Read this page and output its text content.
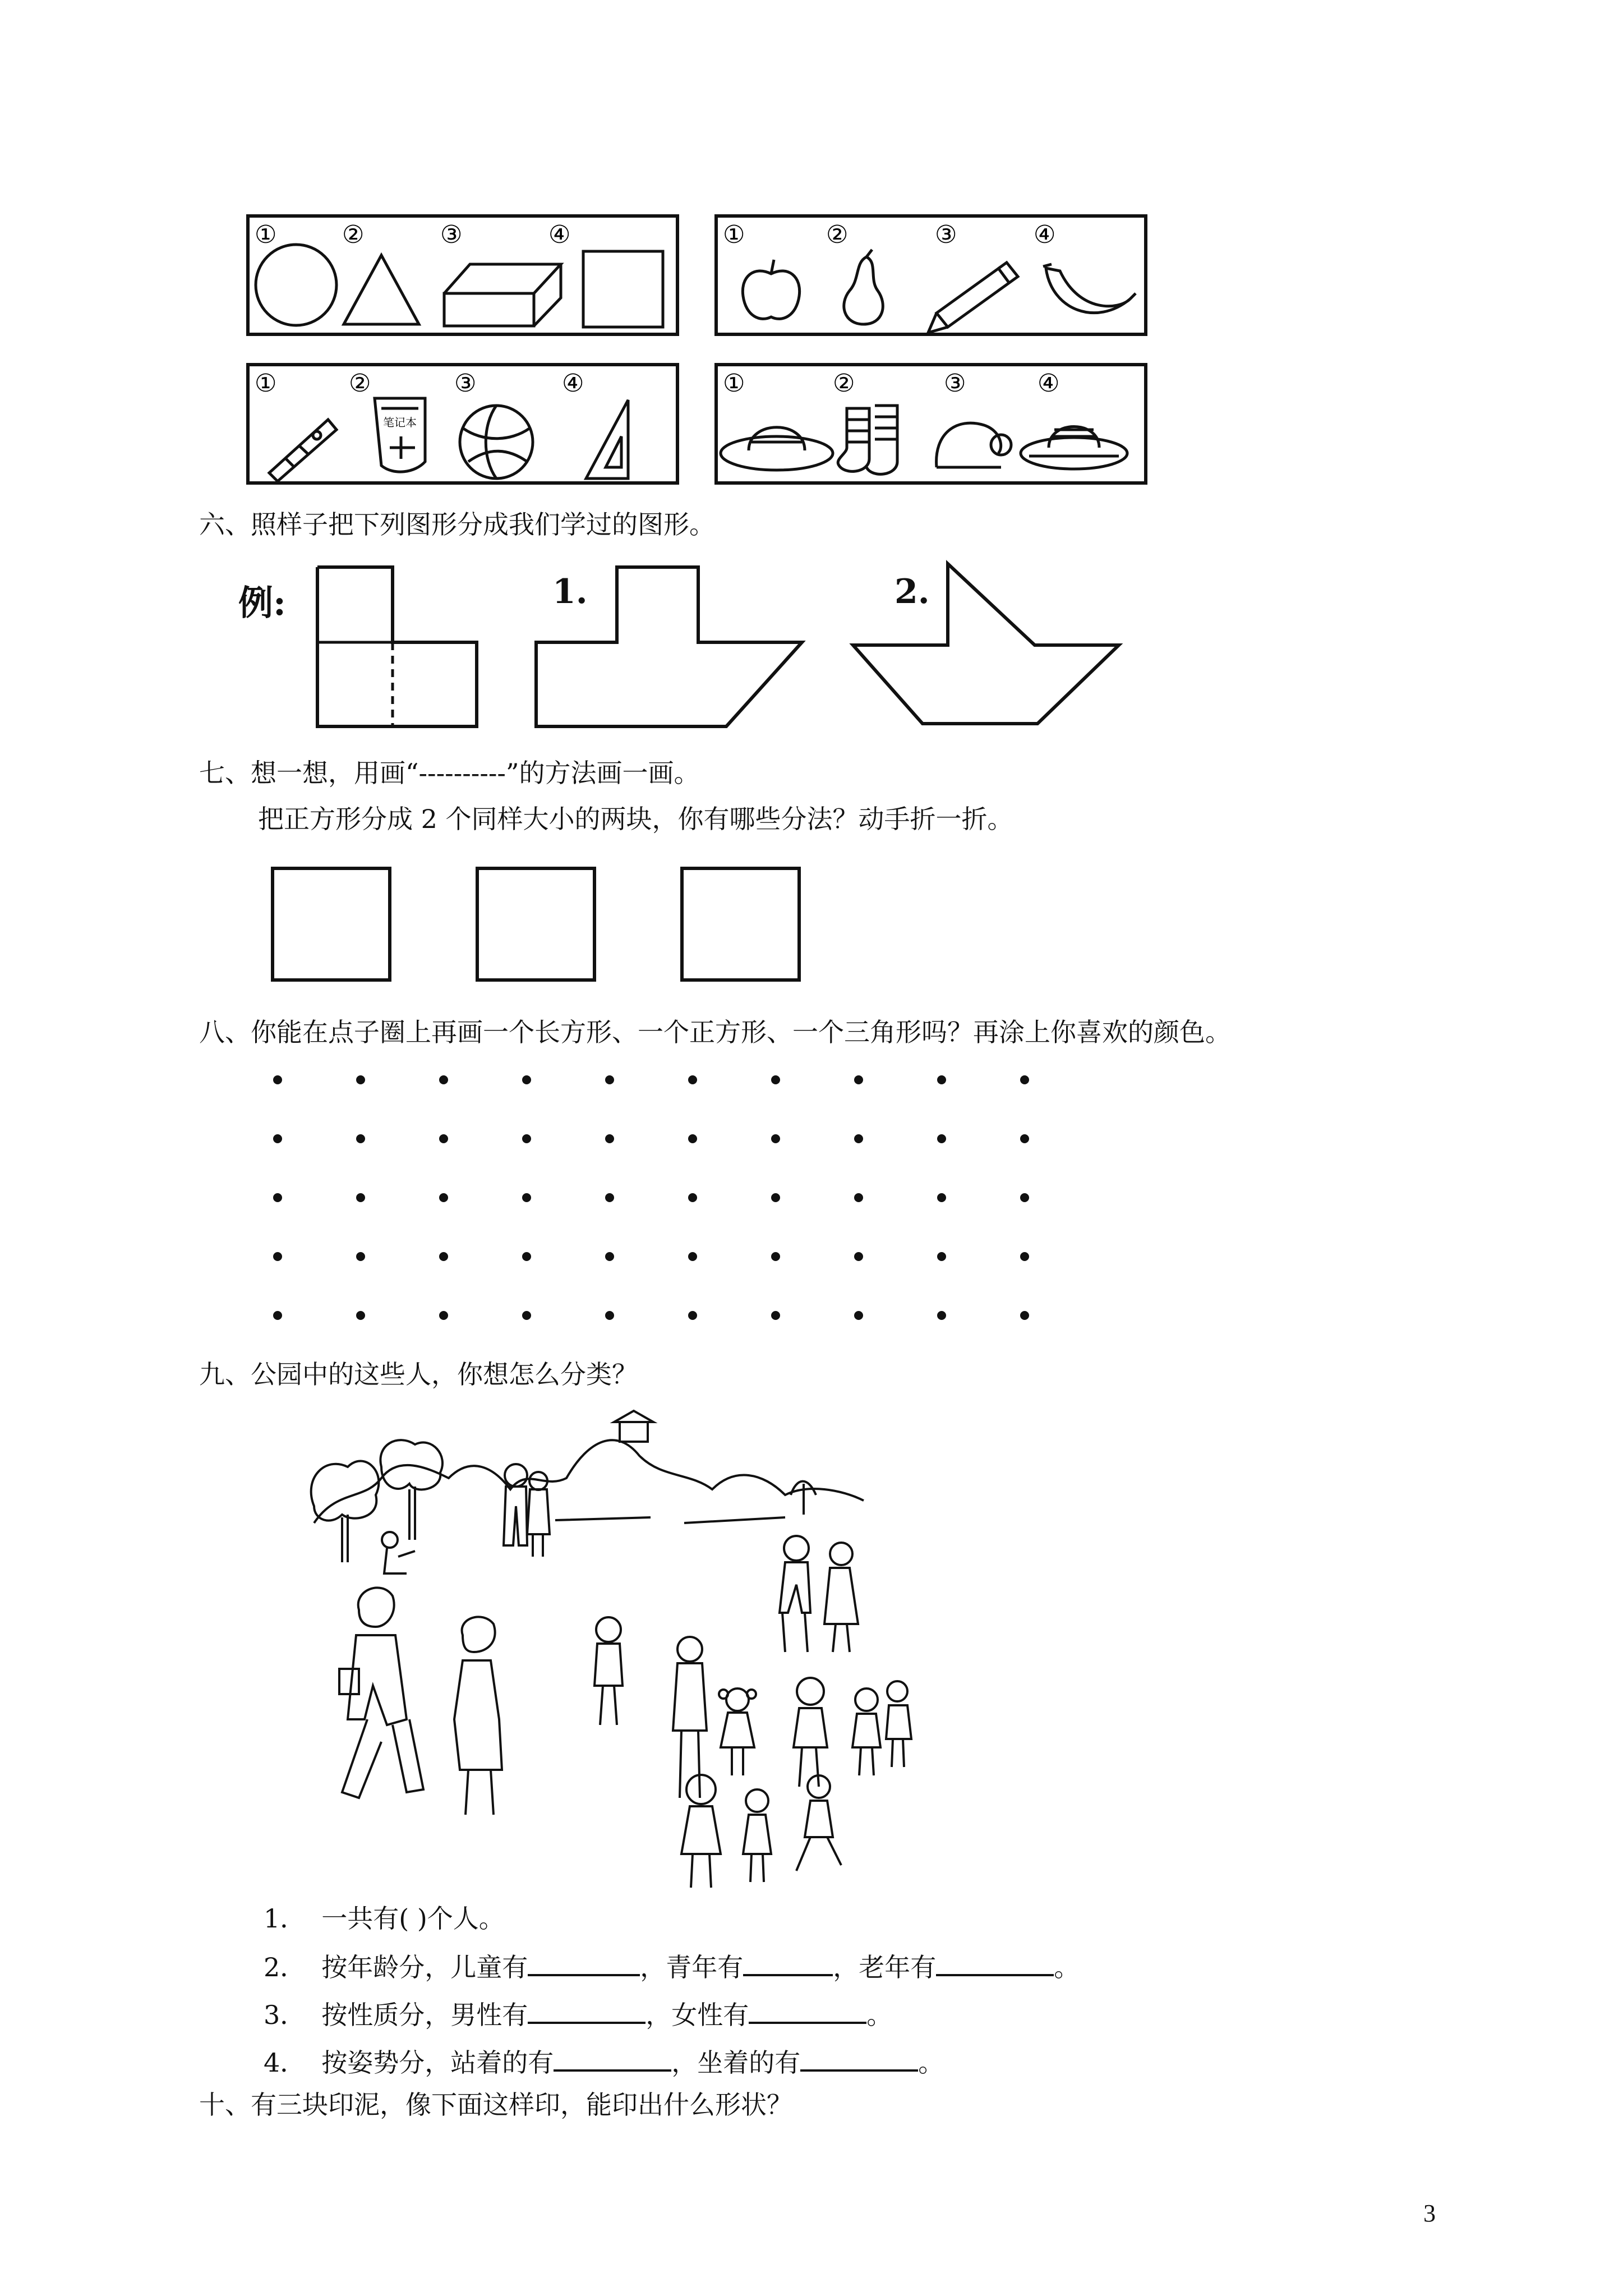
①	②	③	④	①	②	③	④
①	②	③	④
笔记本
①	②	③	④
六、照样子把下列图形分成我们学过的图形。
例:	1.	2.
七、想一想，用画“----------”的方法画一画。
把正方形分成 2 个同样大小的两块，你有哪些分法？动手折一折。
八、你能在点子圈上再画一个长方形、一个正方形、一个三角形吗？再涂上你喜欢的颜色。
九、公园中的这些人，你想怎么分类？
1． 一共有( )个人。
2． 按年龄分，儿童有	，青年有	，老年有	。
3． 按性质分，男性有	，女性有	。
4． 按姿势分，站着的有	，坐着的有	。
十、有三块印泥，像下面这样印，能印出什么形状？
3
